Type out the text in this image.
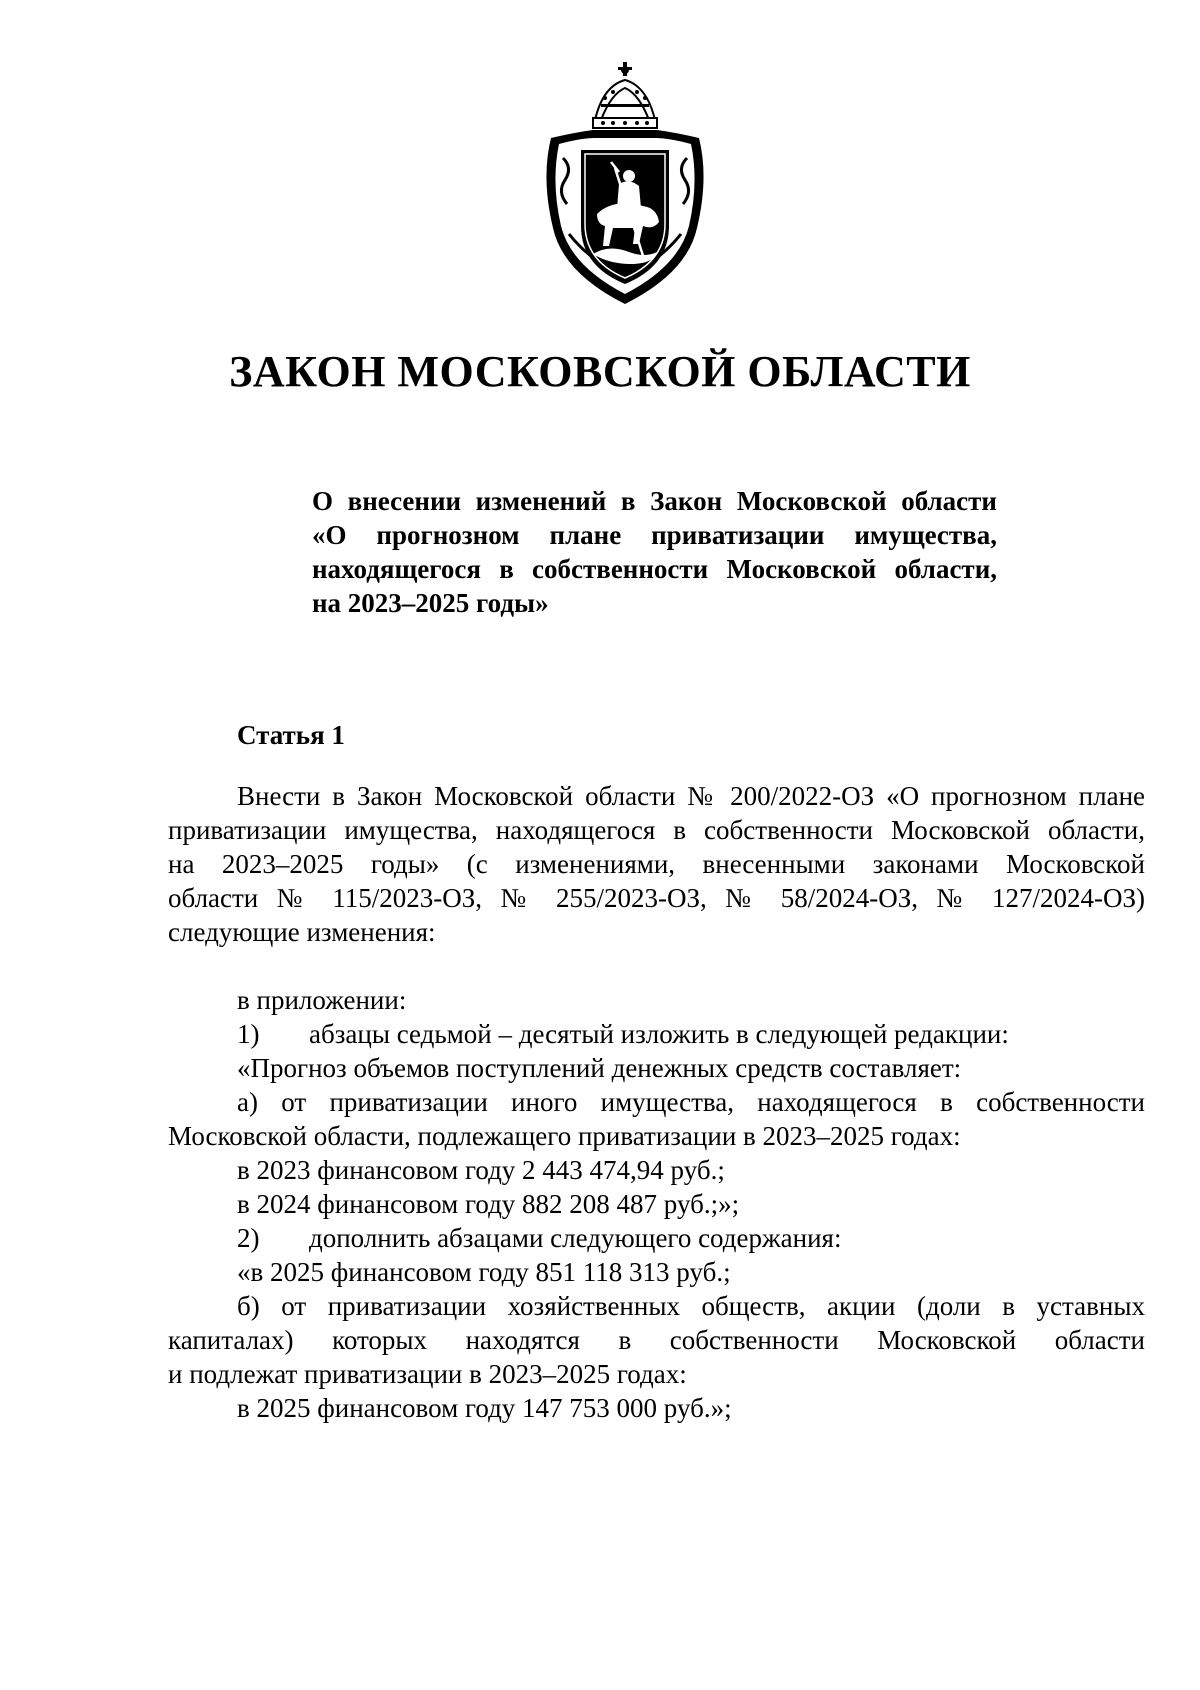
ЗАКОН МОСКОВСКОЙ ОБЛАСТИ
О внесении изменений в Закон Московской области
«О прогнозном плане приватизации имущества,
находящегося в собственности Московской области,
на 2023–2025 годы»
Статья 1
Внести в Закон Московской области № 200/2022-ОЗ «О прогнозном плане
приватизации имущества, находящегося в собственности Московской области,
на 2023–2025 годы» (с изменениями, внесенными законами Московской
области № 115/2023-ОЗ, № 255/2023-ОЗ, № 58/2024-ОЗ, № 127/2024-ОЗ)
следующие изменения:
в приложении:
1) абзацы седьмой – десятый изложить в следующей редакции:
«Прогноз объемов поступлений денежных средств составляет:
а) от приватизации иного имущества, находящегося в собственности
Московской области, подлежащего приватизации в 2023–2025 годах:
в 2023 финансовом году 2 443 474,94 руб.;
в 2024 финансовом году 882 208 487 руб.;»;
2) дополнить абзацами следующего содержания:
«в 2025 финансовом году 851 118 313 руб.;
б) от приватизации хозяйственных обществ, акции (доли в уставных
капиталах) которых находятся в собственности Московской области
и подлежат приватизации в 2023–2025 годах:
в 2025 финансовом году 147 753 000 руб.»;
